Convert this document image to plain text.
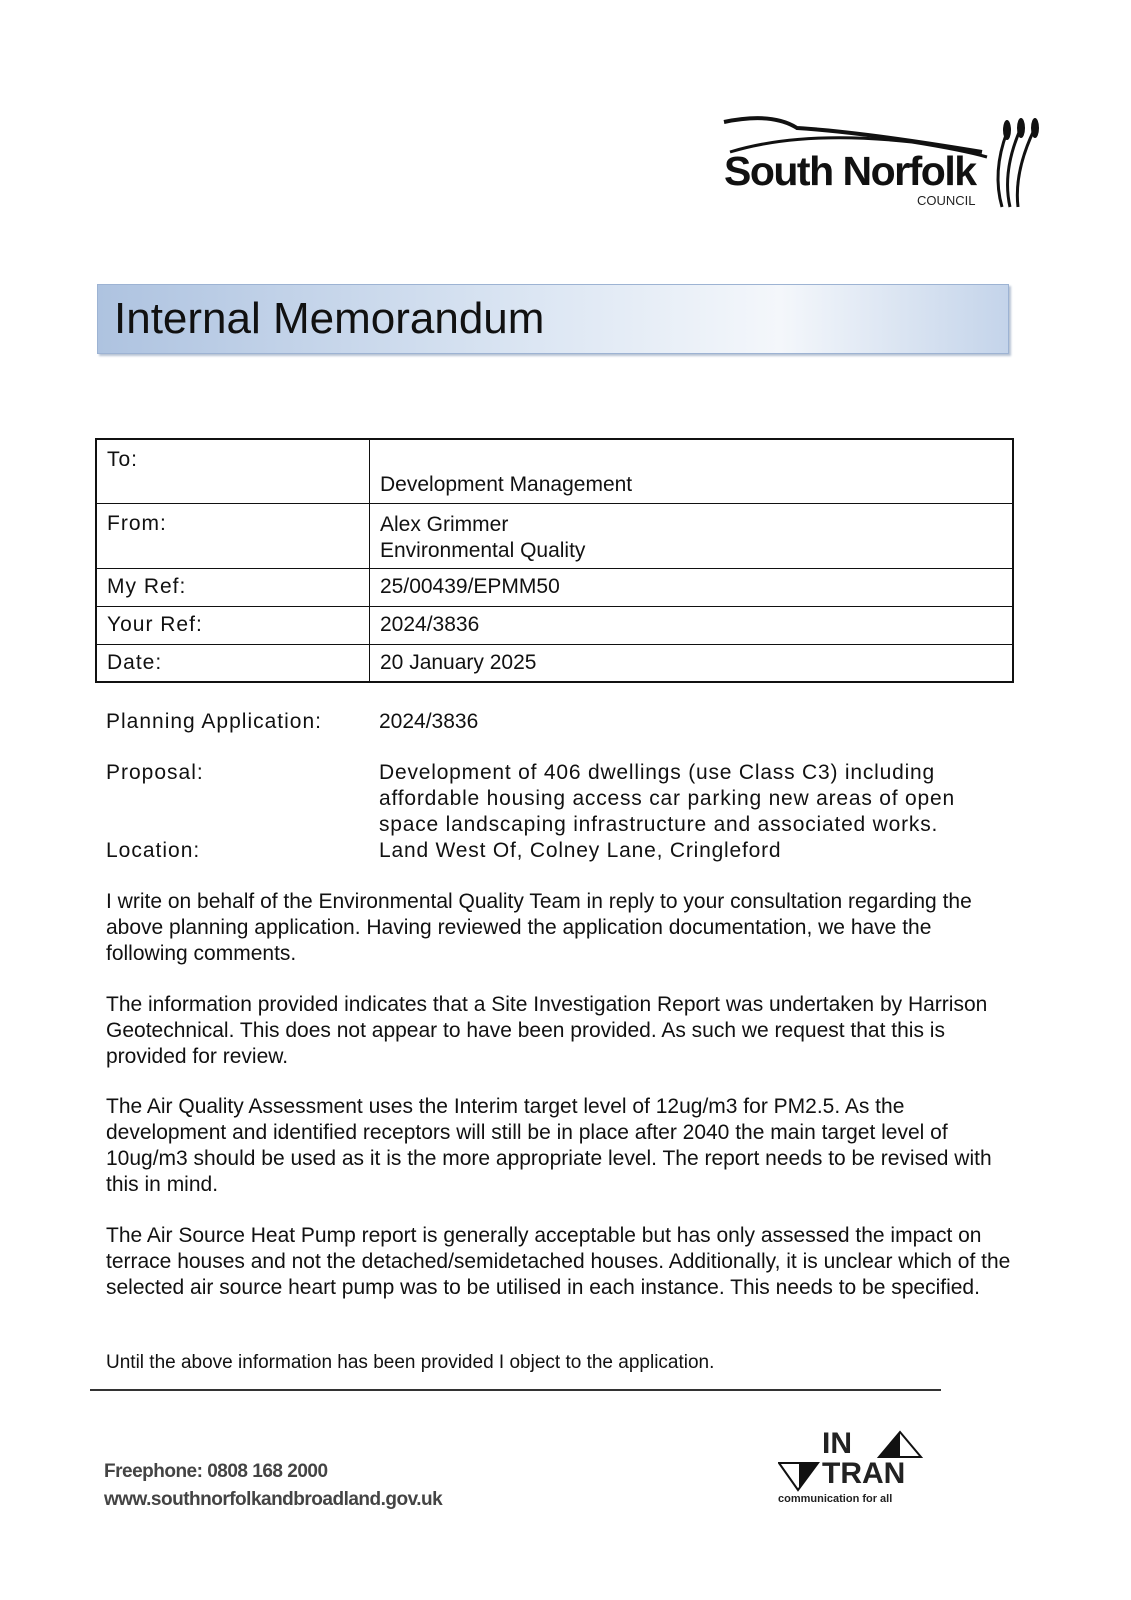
South Norfolk
COUNCIL
Internal Memorandum
To:	Development Management
From:	Alex Grimmer
Environmental Quality

My Ref:	25/00439/EPMM50
Your Ref:	2024/3836
Date:	20 January 2025
Planning Application:	2024/3836
Proposal:	Development of 406 dwellings (use Class C3) including
affordable housing access car parking new areas of open
space landscaping infrastructure and associated works.
Location:	Land West Of, Colney Lane, Cringleford
I write on behalf of the Environmental Quality Team in reply to your consultation regarding the above planning application. Having reviewed the application documentation, we have the following comments.
The information provided indicates that a Site Investigation Report was undertaken by Harrison Geotechnical. This does not appear to have been provided. As such we request that this is provided for review.
The Air Quality Assessment uses the Interim target level of 12ug/m3 for PM2.5. As the development and identified receptors will still be in place after 2040 the main target level of 10ug/m3 should be used as it is the more appropriate level. The report needs to be revised with this in mind.
The Air Source Heat Pump report is generally acceptable but has only assessed the impact on terrace houses and not the detached/semidetached houses. Additionally, it is unclear which of the selected air source heart pump was to be utilised in each instance. This needs to be specified.
Until the above information has been provided I object to the application.
Freephone: 0808 168 2000
www.southnorfolkandbroadland.gov.uk
IN
TRAN
communication for all
